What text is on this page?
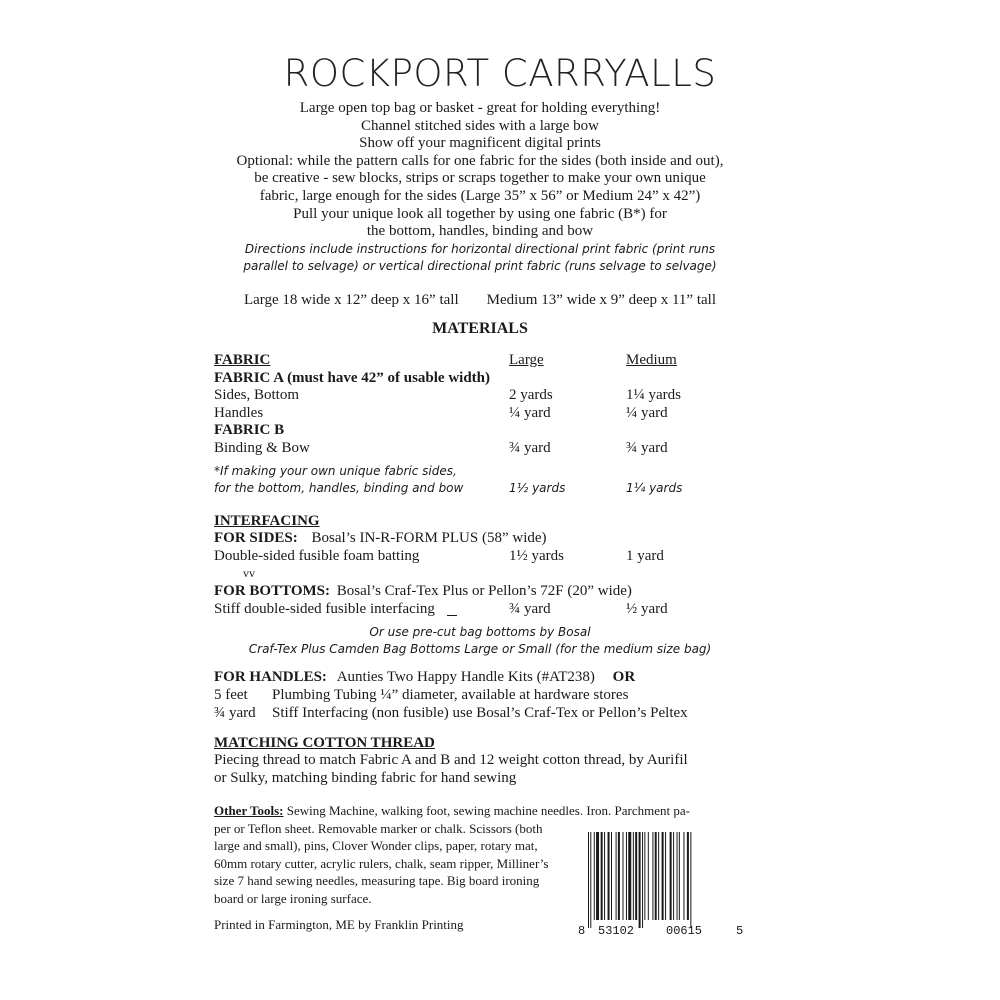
ROCKPORT CARRYALLS
Large open top bag or basket - great for holding everything!
Channel stitched sides with a large bow
Show off your magnificent digital prints
Optional: while the pattern calls for one fabric for the sides (both inside and out),
be creative - sew blocks, strips or scraps together to make your own unique
fabric, large enough for the sides (Large 35” x 56” or Medium 24” x 42”)
Pull your unique look all together by using one fabric (B*) for
the bottom, handles, binding and bow
Directions include instructions for horizontal directional print fabric (print runs
parallel to selvage) or vertical directional print fabric (runs selvage to selvage)
Large 18 wide x 12” deep x 16” tall Medium 13” wide x 9” deep x 11” tall
MATERIALS
FABRIC	Large	Medium
FABRIC A (must have 42” of usable width)
Sides, Bottom	2 yards	1¼ yards
Handles	¼ yard	¼ yard
FABRIC B
Binding & Bow	¾ yard	¾ yard
*If making your own unique fabric sides,
for the bottom, handles, binding and bow	1½ yards	1¼ yards
INTERFACING
FOR SIDES: Bosal’s IN-R-FORM PLUS (58” wide)
Double-sided fusible foam batting	1½ yards	1 yard
vv
FOR BOTTOMS: Bosal’s Craf-Tex Plus or Pellon’s 72F (20” wide)
Stiff double-sided fusible interfacing	¾ yard	½ yard
Or use pre-cut bag bottoms by Bosal
Craf-Tex Plus Camden Bag Bottoms Large or Small (for the medium size bag)
FOR HANDLES: Aunties Two Happy Handle Kits (#AT238) OR
5 feet Plumbing Tubing ¼” diameter, available at hardware stores
¾ yard Stiff Interfacing (non fusible) use Bosal’s Craf-Tex or Pellon’s Peltex
MATCHING COTTON THREAD
Piecing thread to match Fabric A and B and 12 weight cotton thread, by Aurifil
or Sulky, matching binding fabric for hand sewing
Other Tools: Sewing Machine, walking foot, sewing machine needles. Iron. Parchment pa-
per or Teflon sheet. Removable marker or chalk. Scissors (both
large and small), pins, Clover Wonder clips, paper, rotary mat,
60mm rotary cutter, acrylic rulers, chalk, seam ripper, Milliner’s
size 7 hand sewing needles, measuring tape. Big board ironing
board or large ironing surface.
Printed in Farmington, ME by Franklin Printing	8 53102	00615	5
